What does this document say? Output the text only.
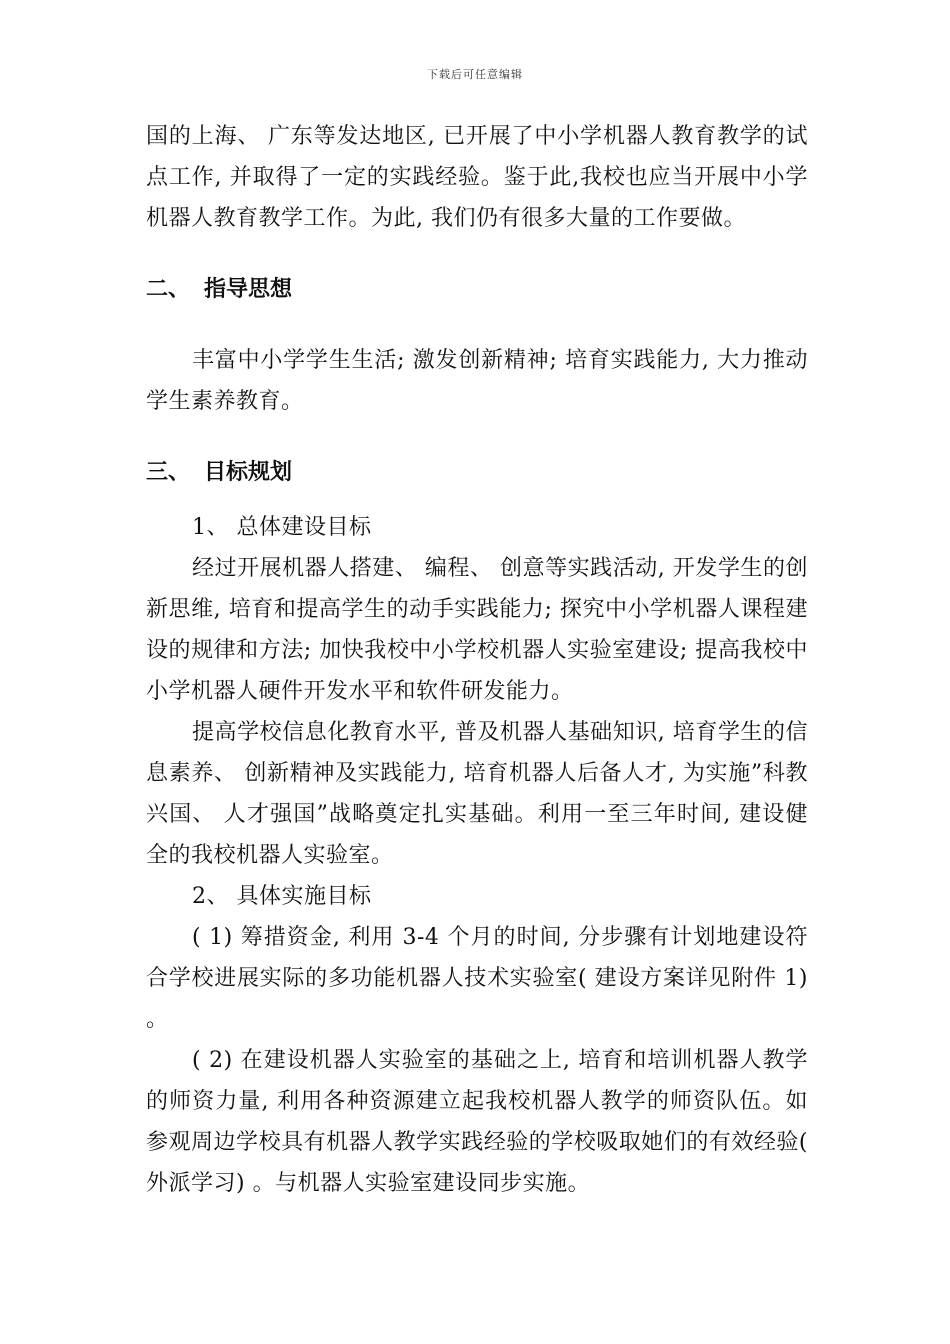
下载后可任意编辑

国的上海、 广东等发达地区, 已开展了中小学机器人教育教学的试点工作, 并取得了一定的实践经验。鉴于此,我校也应当开展中小学机器人教育教学工作。为此, 我们仍有很多大量的工作要做。

二、 指导思想

丰富中小学学生生活; 激发创新精神; 培育实践能力, 大力推动学生素养教育。

三、 目标规划

1、 总体建设目标

经过开展机器人搭建、 编程、 创意等实践活动, 开发学生的创新思维, 培育和提高学生的动手实践能力; 探究中小学机器人课程建设的规律和方法; 加快我校中小学校机器人实验室建设; 提高我校中小学机器人硬件开发水平和软件研发能力。

提高学校信息化教育水平, 普及机器人基础知识, 培育学生的信息素养、 创新精神及实践能力, 培育机器人后备人才, 为实施”科教兴国、 人才强国”战略奠定扎实基础。利用一至三年时间, 建设健全的我校机器人实验室。

2、 具体实施目标

( 1) 筹措资金, 利用 3-4 个月的时间, 分步骤有计划地建设符合学校进展实际的多功能机器人技术实验室( 建设方案详见附件 1) 。

( 2) 在建设机器人实验室的基础之上, 培育和培训机器人教学的师资力量, 利用各种资源建立起我校机器人教学的师资队伍。如参观周边学校具有机器人教学实践经验的学校吸取她们的有效经验( 外派学习) 。与机器人实验室建设同步实施。
